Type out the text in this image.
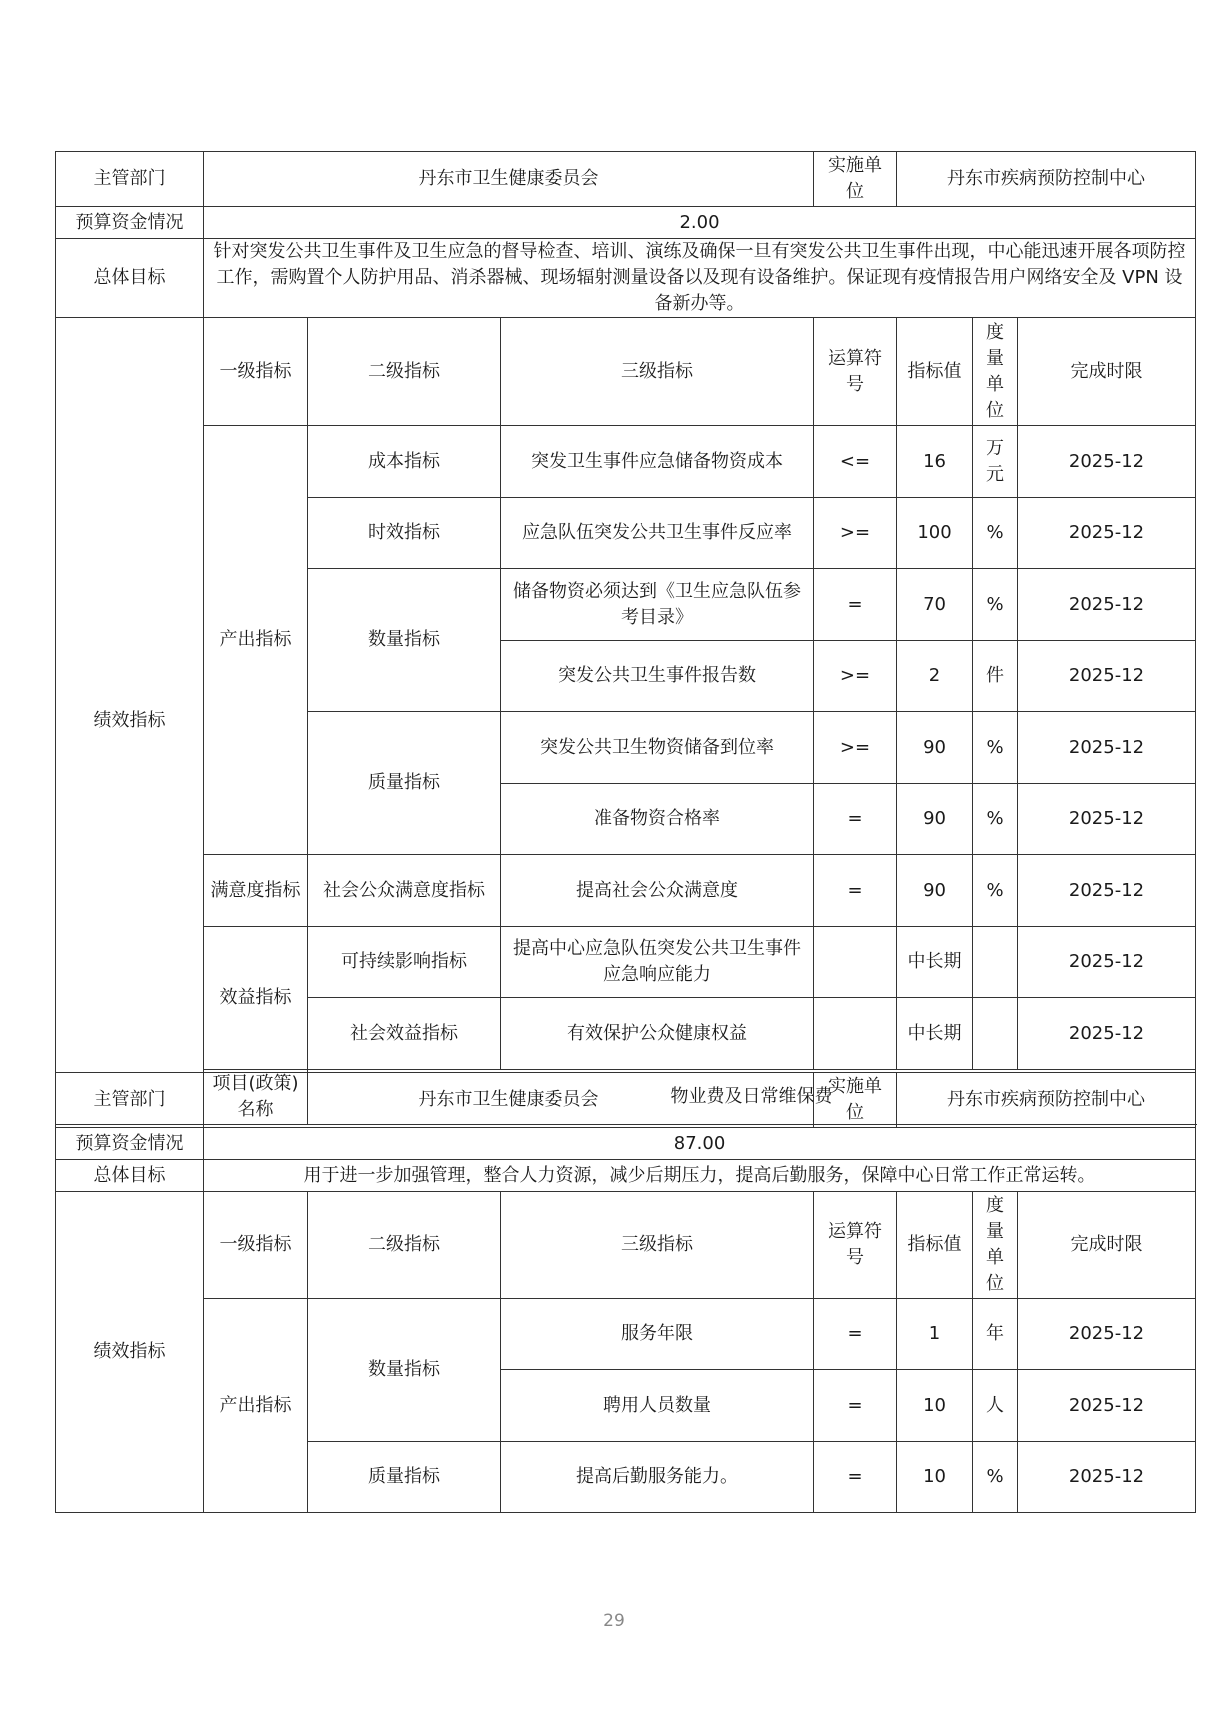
主管部门	丹东市卫生健康委员会			实施单位	丹东市疾病预防控制中心		
预算资金情况	2.00						
总体目标	针对突发公共卫生事件及卫生应急的督导检查、培训、演练及确保一旦有突发公共卫生事件出现，中心能迅速开展各项防控工作，需购置个人防护用品、消杀器械、现场辐射测量设备以及现有设备维护。保证现有疫情报告用户网络安全及 VPN 设备新办等。						
绩效指标	一级指标	二级指标	三级指标	运算符号	指标值	度量单位	完成时限
	产出指标	成本指标	突发卫生事件应急储备物资成本	<=	16	万元	2025-12
		时效指标	应急队伍突发公共卫生事件反应率	>=	100	%	2025-12
		数量指标	储备物资必须达到《卫生应急队伍参考目录》	=	70	%	2025-12
			突发公共卫生事件报告数	>=	2	件	2025-12
		质量指标	突发公共卫生物资储备到位率	>=	90	%	2025-12
			准备物资合格率	=	90	%	2025-12
	满意度指标	社会公众满意度指标	提高社会公众满意度	=	90	%	2025-12
	效益指标	可持续影响指标	提高中心应急队伍突发公共卫生事件应急响应能力		中长期		2025-12
		社会效益指标	有效保护公众健康权益		中长期		2025-12
	项目(政策)名称	物业费及日常维保费					
主管部门	丹东市卫生健康委员会			实施单位	丹东市疾病预防控制中心		
预算资金情况	87.00						
总体目标	用于进一步加强管理，整合人力资源，减少后期压力，提高后勤服务，保障中心日常工作正常运转。						
绩效指标	一级指标	二级指标	三级指标	运算符号	指标值	度量单位	完成时限
	产出指标	数量指标	服务年限	=	1	年	2025-12
			聘用人员数量	=	10	人	2025-12
		质量指标	提高后勤服务能力。	=	10	%	2025-12
29
